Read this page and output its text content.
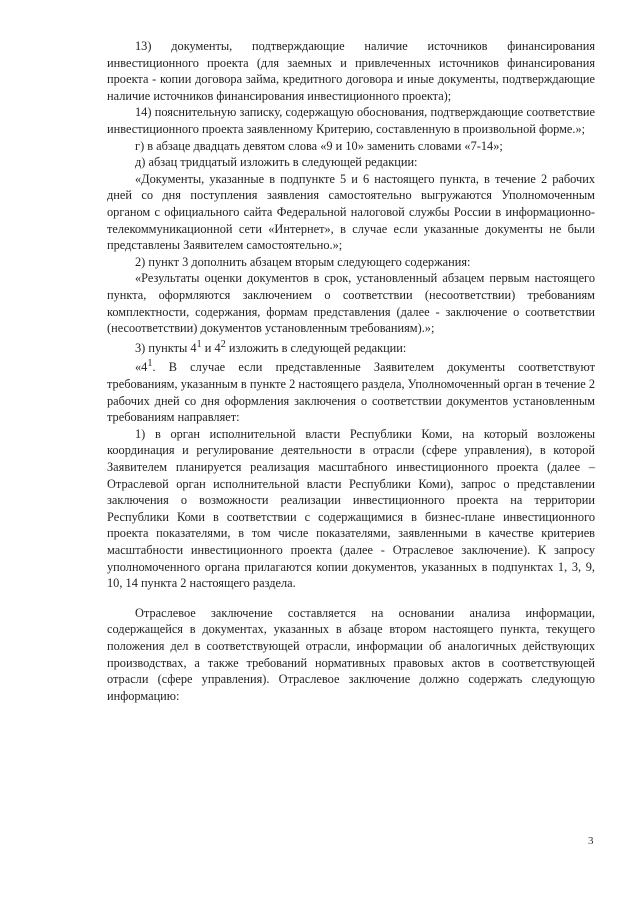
13) документы, подтверждающие наличие источников финансирования инвестиционного проекта (для заемных и привлеченных источников финансирования проекта - копии договора займа, кредитного договора и иные документы, подтверждающие наличие источников финансирования инвестиционного проекта);

14) пояснительную записку, содержащую обоснования, подтверждающие соответствие инвестиционного проекта заявленному Критерию, составленную в произвольной форме.»;

г) в абзаце двадцать девятом слова «9 и 10» заменить словами «7-14»;

д) абзац тридцатый изложить в следующей редакции:

«Документы, указанные в подпункте 5 и 6 настоящего пункта, в течение 2 рабочих дней со дня поступления заявления самостоятельно выгружаются Уполномоченным органом с официального сайта Федеральной налоговой службы России в информационно-телекоммуникационной сети «Интернет», в случае если указанные документы не были представлены Заявителем самостоятельно.»;

2) пункт 3 дополнить абзацем вторым следующего содержания:

«Результаты оценки документов в срок, установленный абзацем первым настоящего пункта, оформляются заключением о соответствии (несоответствии) требованиям комплектности, содержания, формам представления (далее - заключение о соответствии (несоответствии) документов установленным требованиям).»;

3) пункты $4^1$ и $4^2$ изложить в следующей редакции:

«$4^1$. В случае если представленные Заявителем документы соответствуют требованиям, указанным в пункте 2 настоящего раздела, Уполномоченный орган в течение 2 рабочих дней со дня оформления заключения о соответствии документов установленным требованиям направляет:

1) в орган исполнительной власти Республики Коми, на который возложены координация и регулирование деятельности в отрасли (сфере управления), в которой Заявителем планируется реализация масштабного инвестиционного проекта (далее – Отраслевой орган исполнительной власти Республики Коми), запрос о представлении заключения о возможности реализации инвестиционного проекта на территории Республики Коми в соответствии с содержащимися в бизнес-плане инвестиционного проекта показателями, в том числе показателями, заявленными в качестве критериев масштабности инвестиционного проекта (далее - Отраслевое заключение). К запросу уполномоченного органа прилагаются копии документов, указанных в подпунктах 1, 3, 9, 10, 14 пункта 2 настоящего раздела.

Отраслевое заключение составляется на основании анализа информации, содержащейся в документах, указанных в абзаце втором настоящего пункта, текущего положения дел в соответствующей отрасли, информации об аналогичных действующих производствах, а также требований нормативных правовых актов в соответствующей отрасли (сфере управления). Отраслевое заключение должно содержать следующую информацию:

3
